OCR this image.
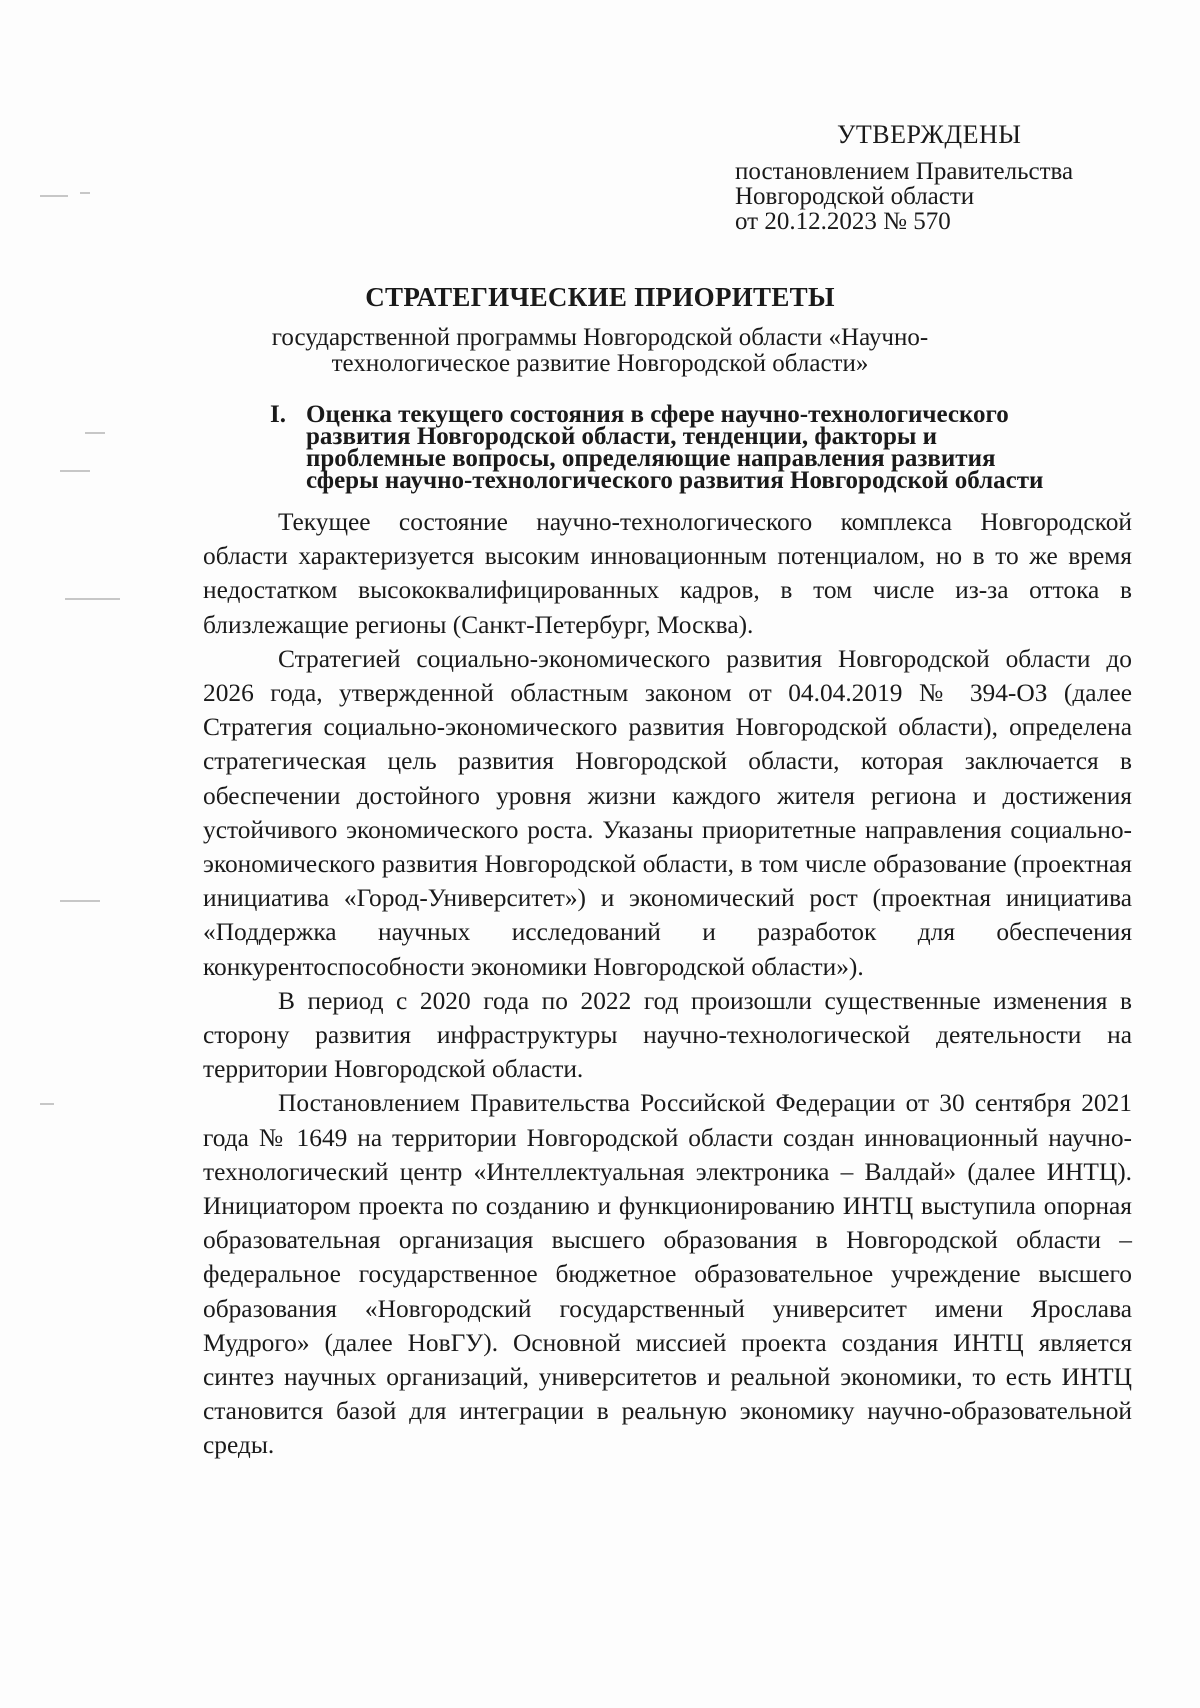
УТВЕРЖДЕНЫ
постановлением Правительства
Новгородской области
от 20.12.2023 № 570
СТРАТЕГИЧЕСКИЕ ПРИОРИТЕТЫ
государственной программы Новгородской области «Научно-
технологическое развитие Новгородской области»
I. Оценка текущего состояния в сфере научно-технологического
развития Новгородской области, тенденции, факторы и
проблемные вопросы, определяющие направления развития
сферы научно-технологического развития Новгородской области

Текущее состояние научно-технологического комплекса Новгородской области характеризуется высоким инновационным потенциалом, но в то же время недостатком высококвалифицированных кадров, в том числе из-за оттока в близлежащие регионы (Санкт-Петербург, Москва).

Стратегией социально-экономического развития Новгородской области до 2026 года, утвержденной областным законом от 04.04.2019 № 394-ОЗ (далее Стратегия социально-экономического развития Новгородской области), определена стратегическая цель развития Новгородской области, которая заключается в обеспечении достойного уровня жизни каждого жителя региона и достижения устойчивого экономического роста. Указаны приоритетные направления социально-экономического развития Новгородской области, в том числе образование (проектная инициатива «Город-Университет») и экономический рост (проектная инициатива «Поддержка научных исследований и разработок для обеспечения конкурентоспособности экономики Новгородской области»).

В период с 2020 года по 2022 год произошли существенные изменения в сторону развития инфраструктуры научно-технологической деятельности на территории Новгородской области.

Постановлением Правительства Российской Федерации от 30 сентября 2021 года № 1649 на территории Новгородской области создан инновационный научно-технологический центр «Интеллектуальная электроника – Валдай» (далее ИНТЦ). Инициатором проекта по созданию и функционированию ИНТЦ выступила опорная образовательная организация высшего образования в Новгородской области – федеральное государственное бюджетное образовательное учреждение высшего образования «Новгородский государственный университет имени Ярослава Мудрого» (далее НовГУ). Основной миссией проекта создания ИНТЦ является синтез научных организаций, университетов и реальной экономики, то есть ИНТЦ становится базой для интеграции в реальную экономику научно-образовательной среды.
